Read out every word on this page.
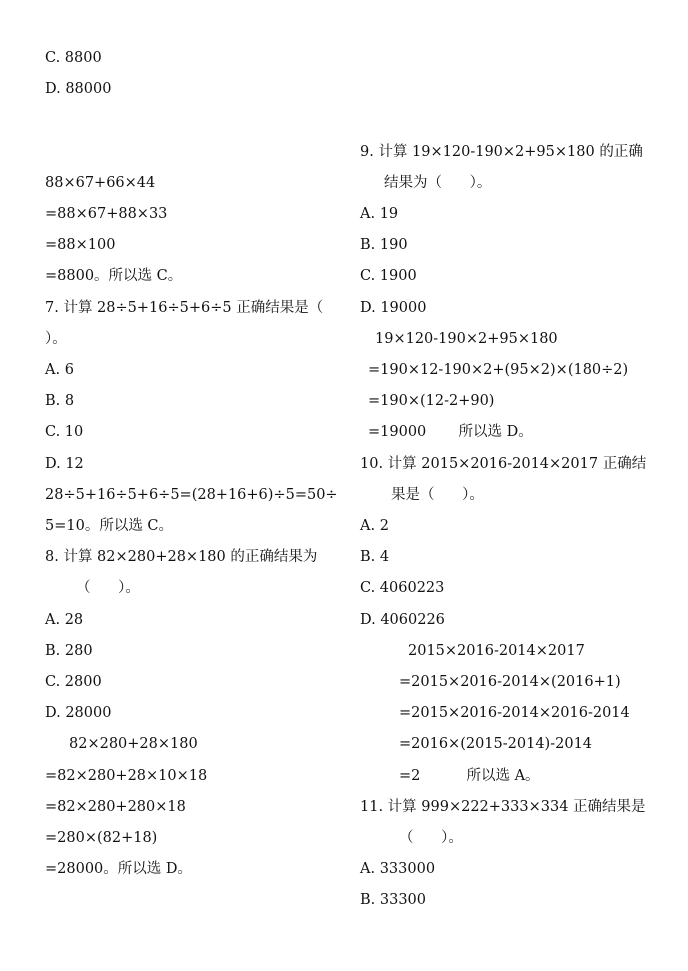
C. 8800
D. 88000
88×67+66×44
=88×67+88×33
=88×100
=8800。所以选 C。
7. 计算 28÷5+16÷5+6÷5 正确结果是（
）。
A. 6
B. 8
C. 10
D. 12
28÷5+16÷5+6÷5=(28+16+6)÷5=50÷
5=10。所以选 C。
8. 计算 82×280+28×180 的正确结果为
（      ）。
A. 28
B. 280
C. 2800
D. 28000
82×280+28×180
=82×280+28×10×18
=82×280+280×18
=280×(82+18)
=28000。所以选 D。
9. 计算 19×120-190×2+95×180 的正确
结果为（      ）。
A. 19
B. 190
C. 1900
D. 19000
19×120-190×2+95×180
=190×12-190×2+(95×2)×(180÷2)
=190×(12-2+90)
=19000       所以选 D。
10. 计算 2015×2016-2014×2017 正确结
果是（      ）。
A. 2
B. 4
C. 4060223
D. 4060226
2015×2016-2014×2017
=2015×2016-2014×(2016+1)
=2015×2016-2014×2016-2014
=2016×(2015-2014)-2014
=2          所以选 A。
11. 计算 999×222+333×334 正确结果是
（      ）。
A. 333000
B. 33300
